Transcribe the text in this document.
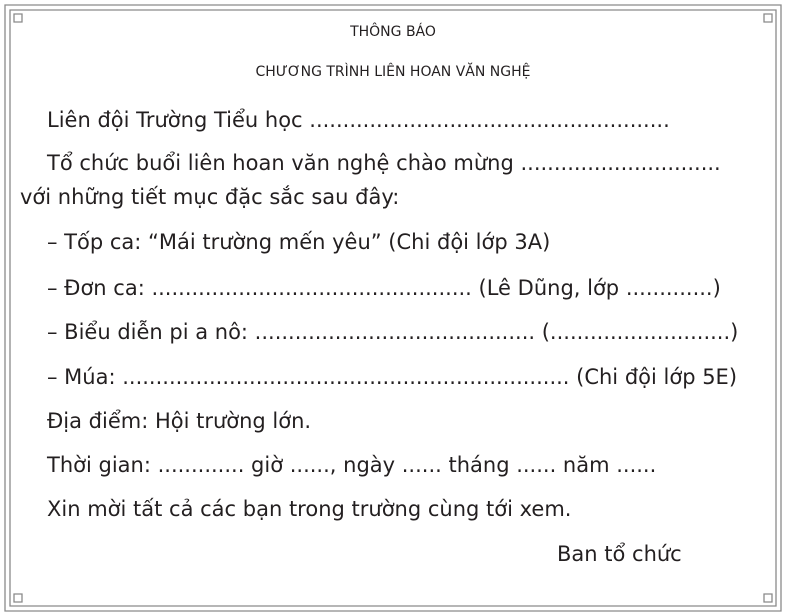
THÔNG BÁO
CHƯƠNG TRÌNH LIÊN HOAN VĂN NGHỆ
Liên đội Trường Tiểu học ......................................................
Tổ chức buổi liên hoan văn nghệ chào mừng ..............................
với những tiết mục đặc sắc sau đây:
– Tốp ca: “Mái trường mến yêu” (Chi đội lớp 3A)
– Đơn ca: ................................................ (Lê Dũng, lớp .............)
– Biểu diễn pi a nô: .......................................... (...........................)
– Múa: ................................................................... (Chi đội lớp 5E)
Địa điểm: Hội trường lớn.
Thời gian: ............. giờ ......, ngày ...... tháng ...... năm ......
Xin mời tất cả các bạn trong trường cùng tới xem.
Ban tổ chức
